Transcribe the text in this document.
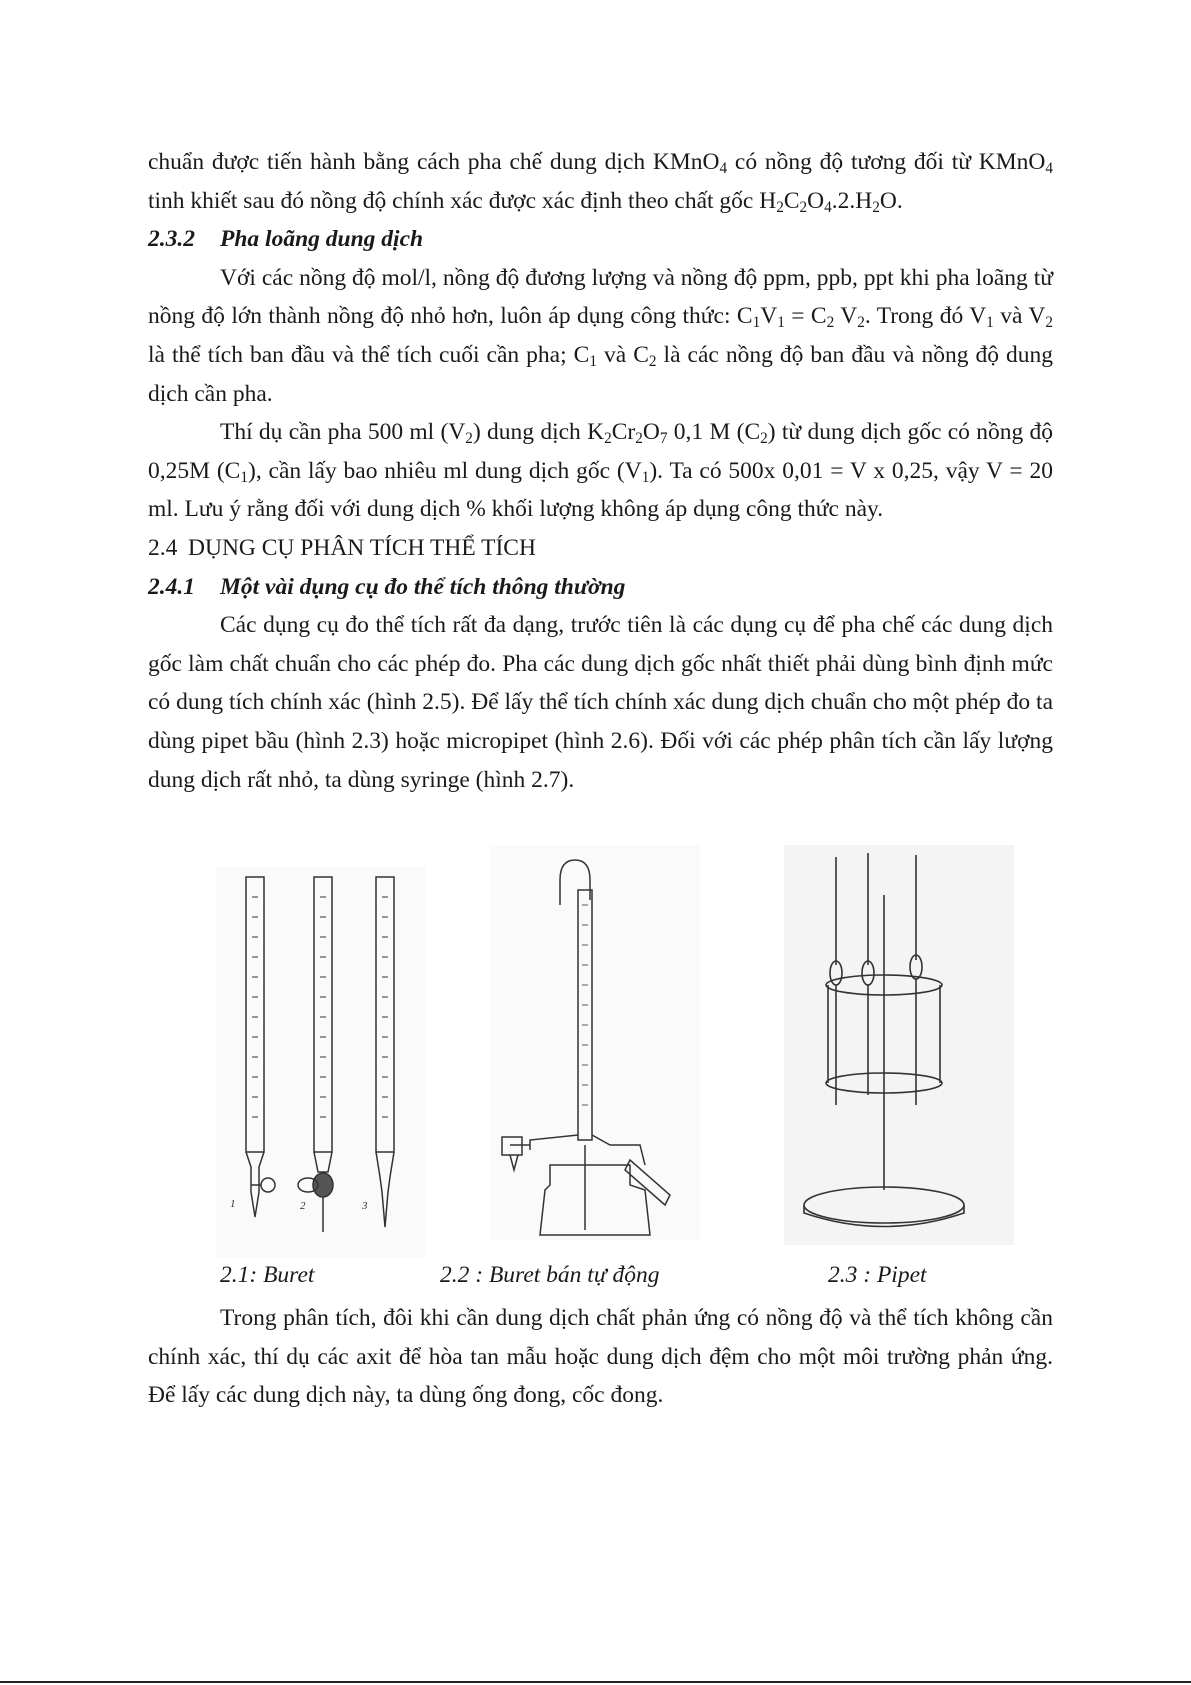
chuẩn được tiến hành bằng cách pha chế dung dịch KMnO$_4$ có nồng độ tương đối từ KMnO$_4$ tinh khiết sau đó nồng độ chính xác được xác định theo chất gốc $H_2C_2O_4.2.H_2O$.

2.3.2 Pha loãng dung dịch

Với các nồng độ mol/l, nồng độ đương lượng và nồng độ ppm, ppb, ppt khi pha loãng từ nồng độ lớn thành nồng độ nhỏ hơn, luôn áp dụng công thức: $C_1V_1 = C_2$ $V_2$. Trong đó $V_1$ và $V_2$ là thể tích ban đầu và thể tích cuối cần pha; $C_1$ và $C_2$ là các nồng độ ban đầu và nồng độ dung dịch cần pha.

Thí dụ cần pha 500 ml $(V_2)$ dung dịch $K_2Cr_2O_7$ 0,1 M $(C_2)$ từ dung dịch gốc có nồng độ 0,25M $(C_1)$, cần lấy bao nhiêu ml dung dịch gốc $(V_1)$. Ta có 500x 0,01 = V x 0,25, vậy V = 20 ml. Lưu ý rằng đối với dung dịch % khối lượng không áp dụng công thức này.

2.4 DỤNG CỤ PHÂN TÍCH THỂ TÍCH

2.4.1 Một vài dụng cụ đo thể tích thông thường

Các dụng cụ đo thể tích rất đa dạng, trước tiên là các dụng cụ để pha chế các dung dịch gốc làm chất chuẩn cho các phép đo. Pha các dung dịch gốc nhất thiết phải dùng bình định mức có dung tích chính xác (hình 2.5). Để lấy thể tích chính xác dung dịch chuẩn cho một phép đo ta dùng pipet bầu (hình 2.3) hoặc micropipet (hình 2.6). Đối với các phép phân tích cần lấy lượng dung dịch rất nhỏ, ta dùng syringe (hình 2.7).

1	2	3
2.1: Buret	2.2 : Buret bán tự động	2.3 : Pipet

Trong phân tích, đôi khi cần dung dịch chất phản ứng có nồng độ và thể tích không cần chính xác, thí dụ các axit để hòa tan mẫu hoặc dung dịch đệm cho một môi trường phản ứng. Để lấy các dung dịch này, ta dùng ống đong, cốc đong.
